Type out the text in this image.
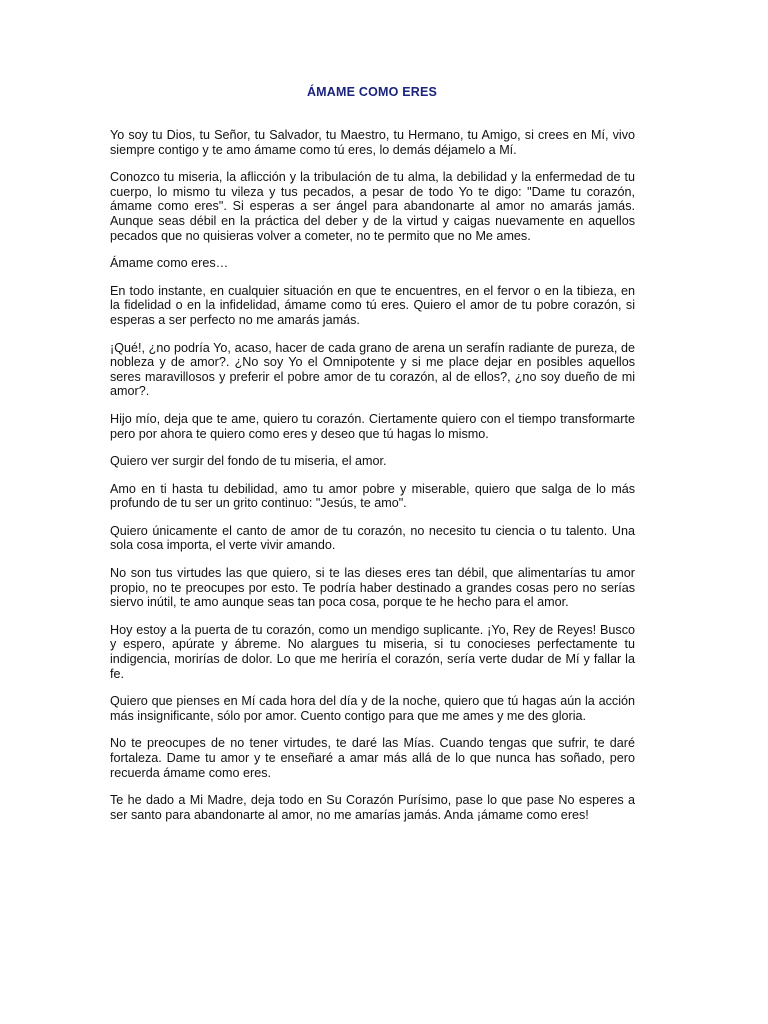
ÁMAME COMO ERES

Yo soy tu Dios, tu Señor, tu Salvador, tu Maestro, tu Hermano, tu Amigo, si crees en Mí, vivo siempre contigo y te amo ámame como tú eres, lo demás déjamelo a Mí.

Conozco tu miseria, la aflicción y la tribulación de tu alma, la debilidad y la enfermedad de tu cuerpo, lo mismo tu vileza y tus pecados, a pesar de todo Yo te digo: "Dame tu corazón, ámame como eres". Si esperas a ser ángel para abandonarte al amor no amarás jamás. Aunque seas débil en la práctica del deber y de la virtud y caigas nuevamente en aquellos pecados que no quisieras volver a cometer, no te permito que no Me ames.

Ámame como eres…

En todo instante, en cualquier situación en que te encuentres, en el fervor o en la tibieza, en la fidelidad o en la infidelidad, ámame como tú eres. Quiero el amor de tu pobre corazón, si esperas a ser perfecto no me amarás jamás.

¡Qué!, ¿no podría Yo, acaso, hacer de cada grano de arena un serafín radiante de pureza, de nobleza y de amor?. ¿No soy Yo el Omnipotente y si me place dejar en posibles aquellos seres maravillosos y preferir el pobre amor de tu corazón, al de ellos?, ¿no soy dueño de mi amor?.

Hijo mío, deja que te ame, quiero tu corazón. Ciertamente quiero con el tiempo transformarte pero por ahora te quiero como eres y deseo que tú hagas lo mismo.

Quiero ver surgir del fondo de tu miseria, el amor.

Amo en ti hasta tu debilidad, amo tu amor pobre y miserable, quiero que salga de lo más profundo de tu ser un grito continuo: "Jesús, te amo".

Quiero únicamente el canto de amor de tu corazón, no necesito tu ciencia o tu talento. Una sola cosa importa, el verte vivir amando.

No son tus virtudes las que quiero, si te las dieses eres tan débil, que alimentarías tu amor propio, no te preocupes por esto. Te podría haber destinado a grandes cosas pero no serías siervo inútil, te amo aunque seas tan poca cosa, porque te he hecho para el amor.

Hoy estoy a la puerta de tu corazón, como un mendigo suplicante. ¡Yo, Rey de Reyes! Busco y espero, apúrate y ábreme. No alargues tu miseria, si tu conocieses perfectamente tu indigencia, morirías de dolor. Lo que me heriría el corazón, sería verte dudar de Mí y fallar la fe.

Quiero que pienses en Mí cada hora del día y de la noche, quiero que tú hagas aún la acción más insignificante, sólo por amor. Cuento contigo para que me ames y me des gloria.

No te preocupes de no tener virtudes, te daré las Mías. Cuando tengas que sufrir, te daré fortaleza. Dame tu amor y te enseñaré a amar más allá de lo que nunca has soñado, pero recuerda ámame como eres.

Te he dado a Mi Madre, deja todo en Su Corazón Purísimo, pase lo que pase No esperes a ser santo para abandonarte al amor, no me amarías jamás. Anda ¡ámame como eres!
